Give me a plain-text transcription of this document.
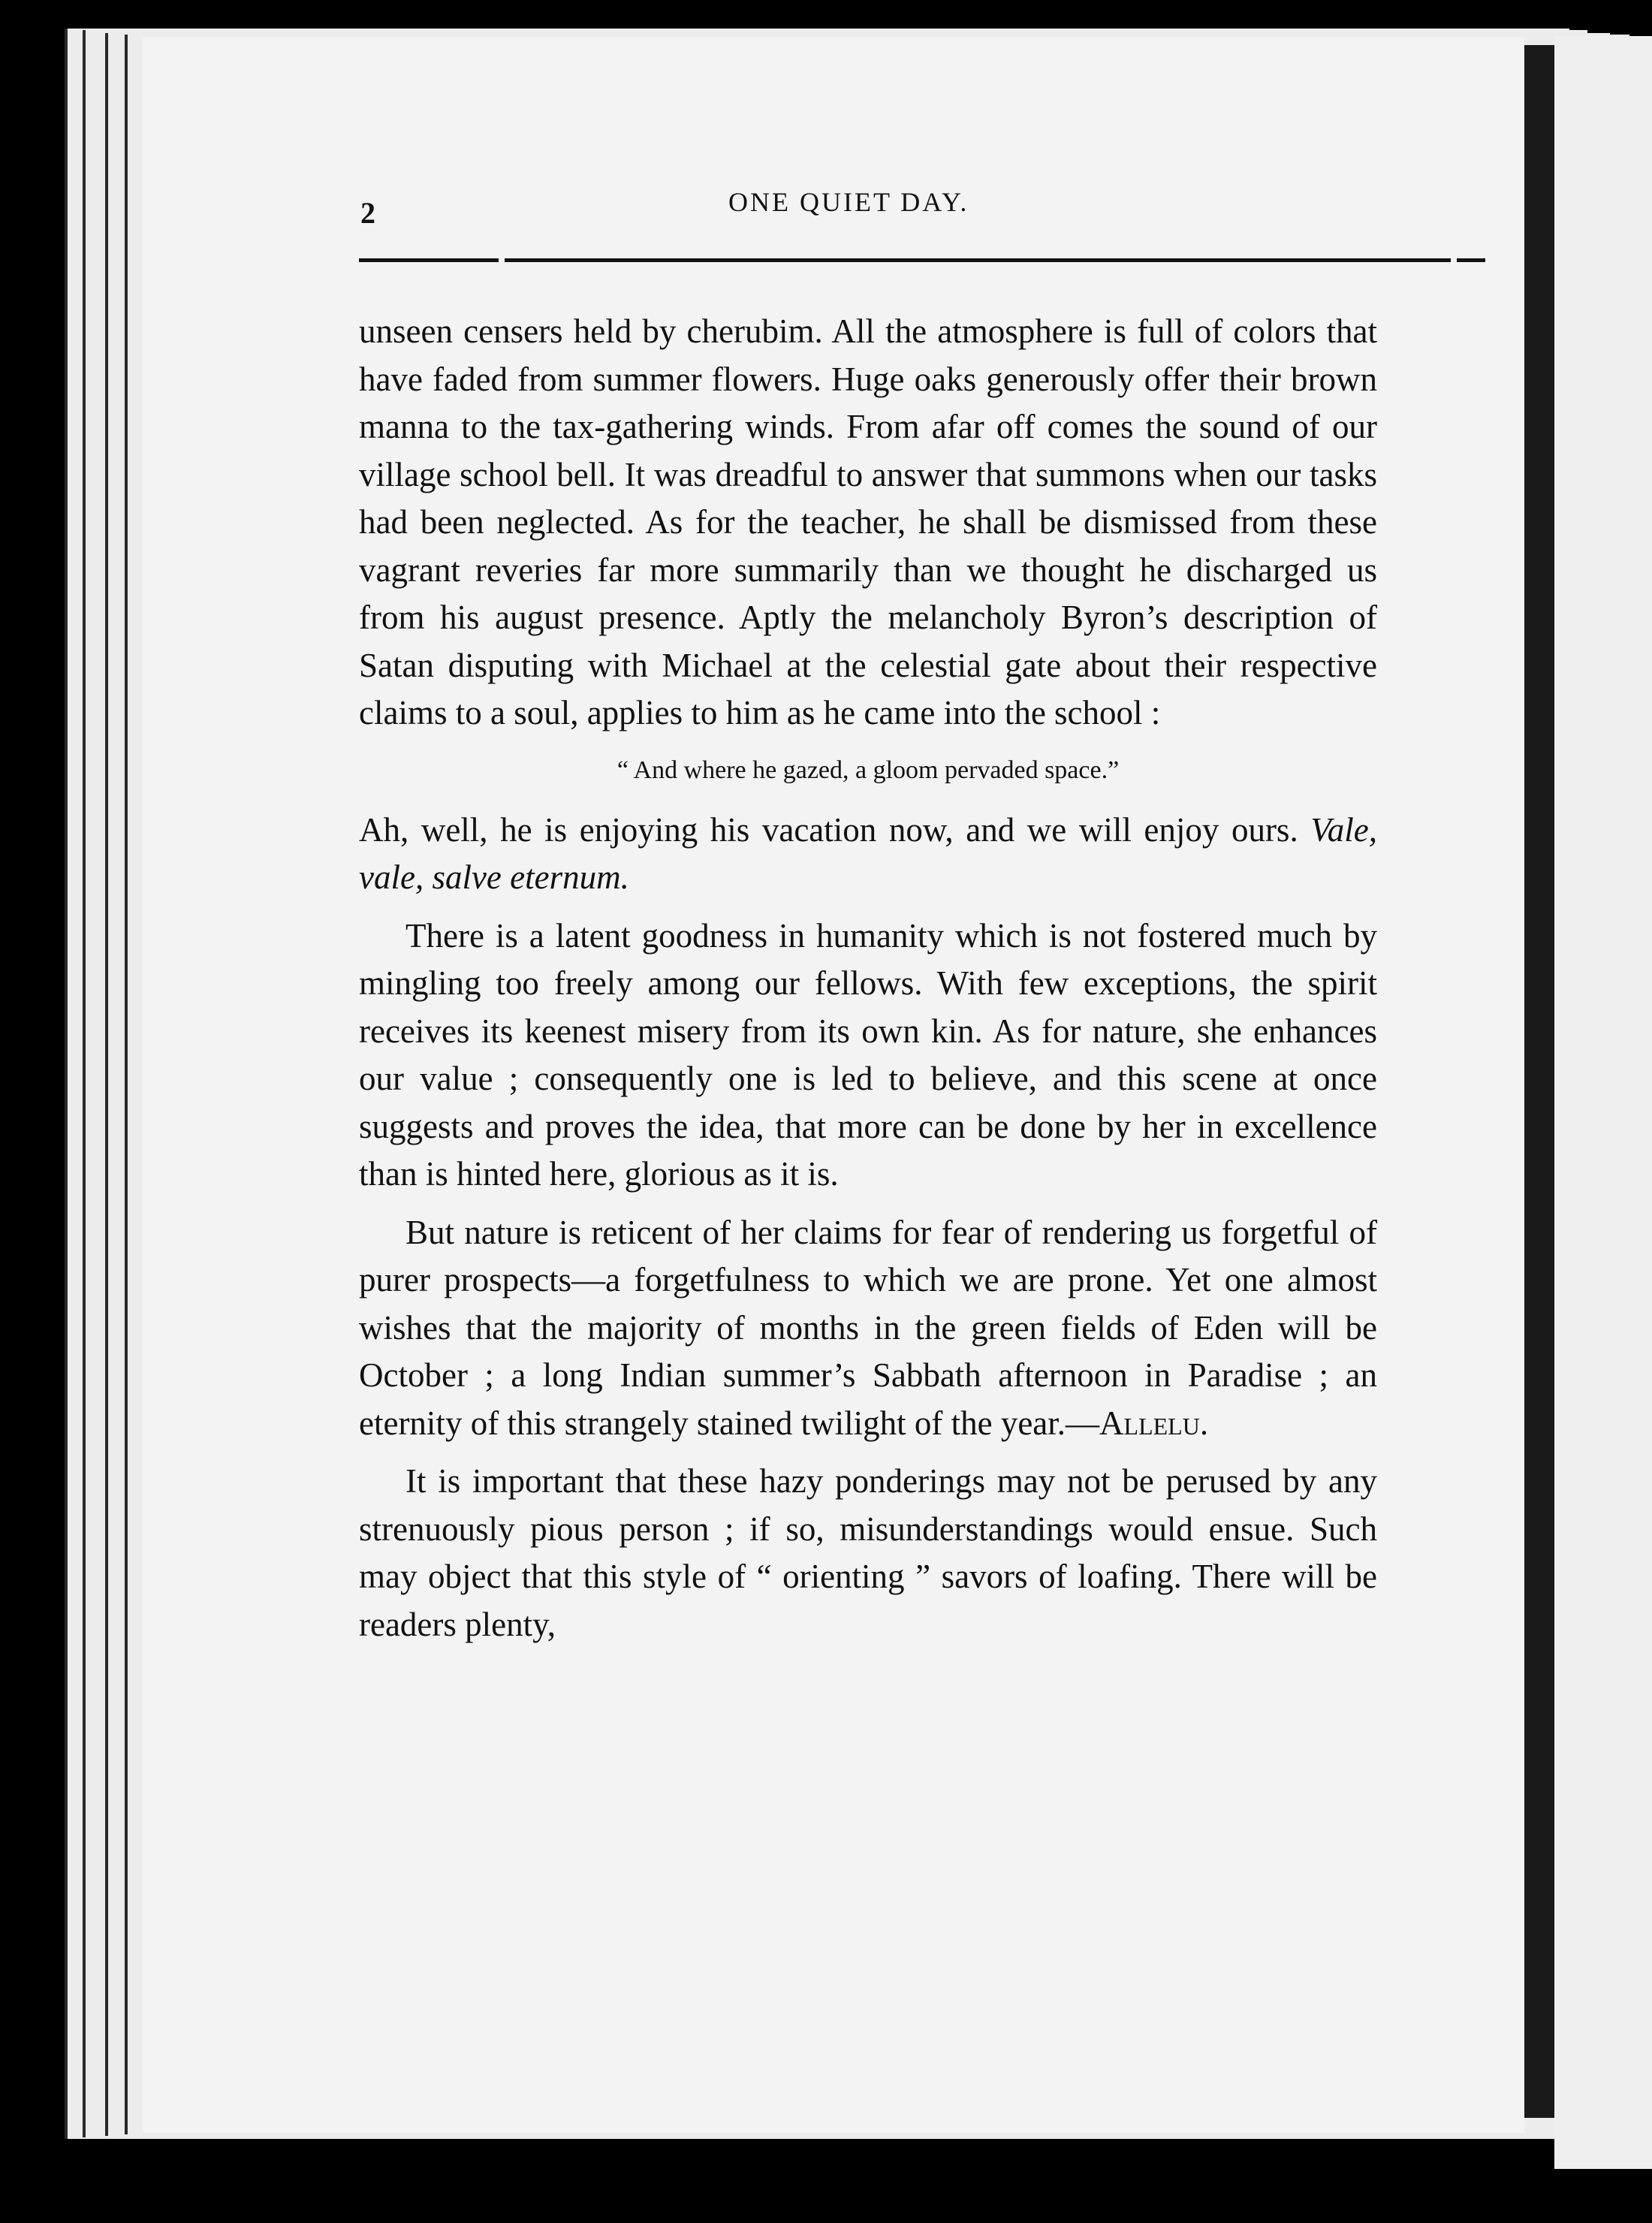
2	ONE QUIET DAY.

unseen censers held by cherubim. All the atmosphere is full of colors that have faded from summer flowers. Huge oaks generously offer their brown manna to the tax-gathering winds. From afar off comes the sound of our village school bell. It was dreadful to answer that summons when our tasks had been neglected. As for the teacher, he shall be dismissed from these vagrant reveries far more summarily than we thought he discharged us from his august presence. Aptly the melancholy Byron’s description of Satan disputing with Michael at the celestial gate about their respective claims to a soul, applies to him as he came into the school :

“ And where he gazed, a gloom pervaded space.”

Ah, well, he is enjoying his vacation now, and we will enjoy ours. Vale, vale, salve eternum.

There is a latent goodness in humanity which is not fostered much by mingling too freely among our fellows. With few exceptions, the spirit receives its keenest misery from its own kin. As for nature, she enhances our value ; consequently one is led to believe, and this scene at once suggests and proves the idea, that more can be done by her in excellence than is hinted here, glorious as it is.

But nature is reticent of her claims for fear of rendering us forgetful of purer prospects—a forgetfulness to which we are prone. Yet one almost wishes that the majority of months in the green fields of Eden will be October ; a long Indian summer’s Sabbath afternoon in Paradise ; an eternity of this strangely stained twilight of the year.—Allelu.

It is important that these hazy ponderings may not be perused by any strenuously pious person ; if so, misunderstandings would ensue. Such may object that this style of “ orienting ” savors of loafing. There will be readers plenty,
